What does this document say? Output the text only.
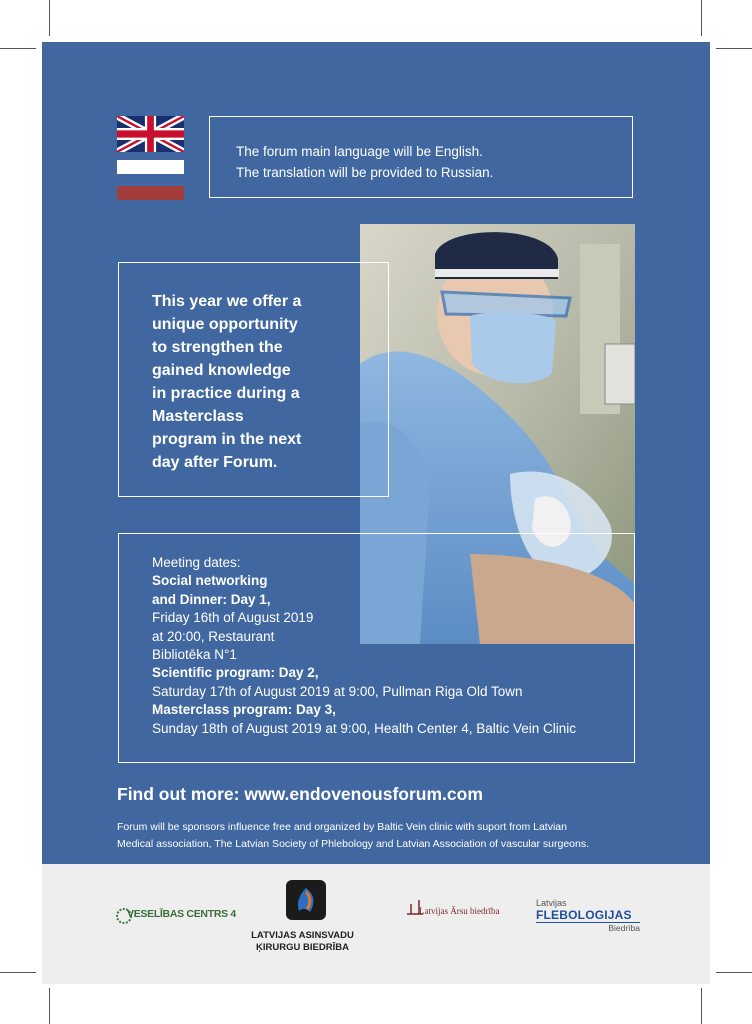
The forum main language will be English.
The translation will be provided to Russian.
This year we offer a
unique opportunity
to strengthen the
gained knowledge
in practice during a
Masterclass
program in the next
day after Forum.
Meeting dates:
Social networking
and Dinner: Day 1,
Friday 16th of August 2019
at 20:00, Restaurant
Bibliotēka N°1
Scientific program: Day 2,
Saturday 17th of August 2019 at 9:00, Pullman Riga Old Town
Masterclass program: Day 3,
Sunday 18th of August 2019 at 9:00, Health Center 4, Baltic Vein Clinic
Find out more: www.endovenousforum.com
Forum will be sponsors influence free and organized by Baltic Vein clinic with suport from Latvian
Medical association, The Latvian Society of Phlebology and Latvian Association of vascular surgeons.
VESELĪBAS CENTRS 4
LATVIJAS ASINSVADU
ĶIRURGU BIEDRĪBA
Latvijas Ārsu biedrība
Latvijas
FLEBOLOGIJAS
Biedrība
